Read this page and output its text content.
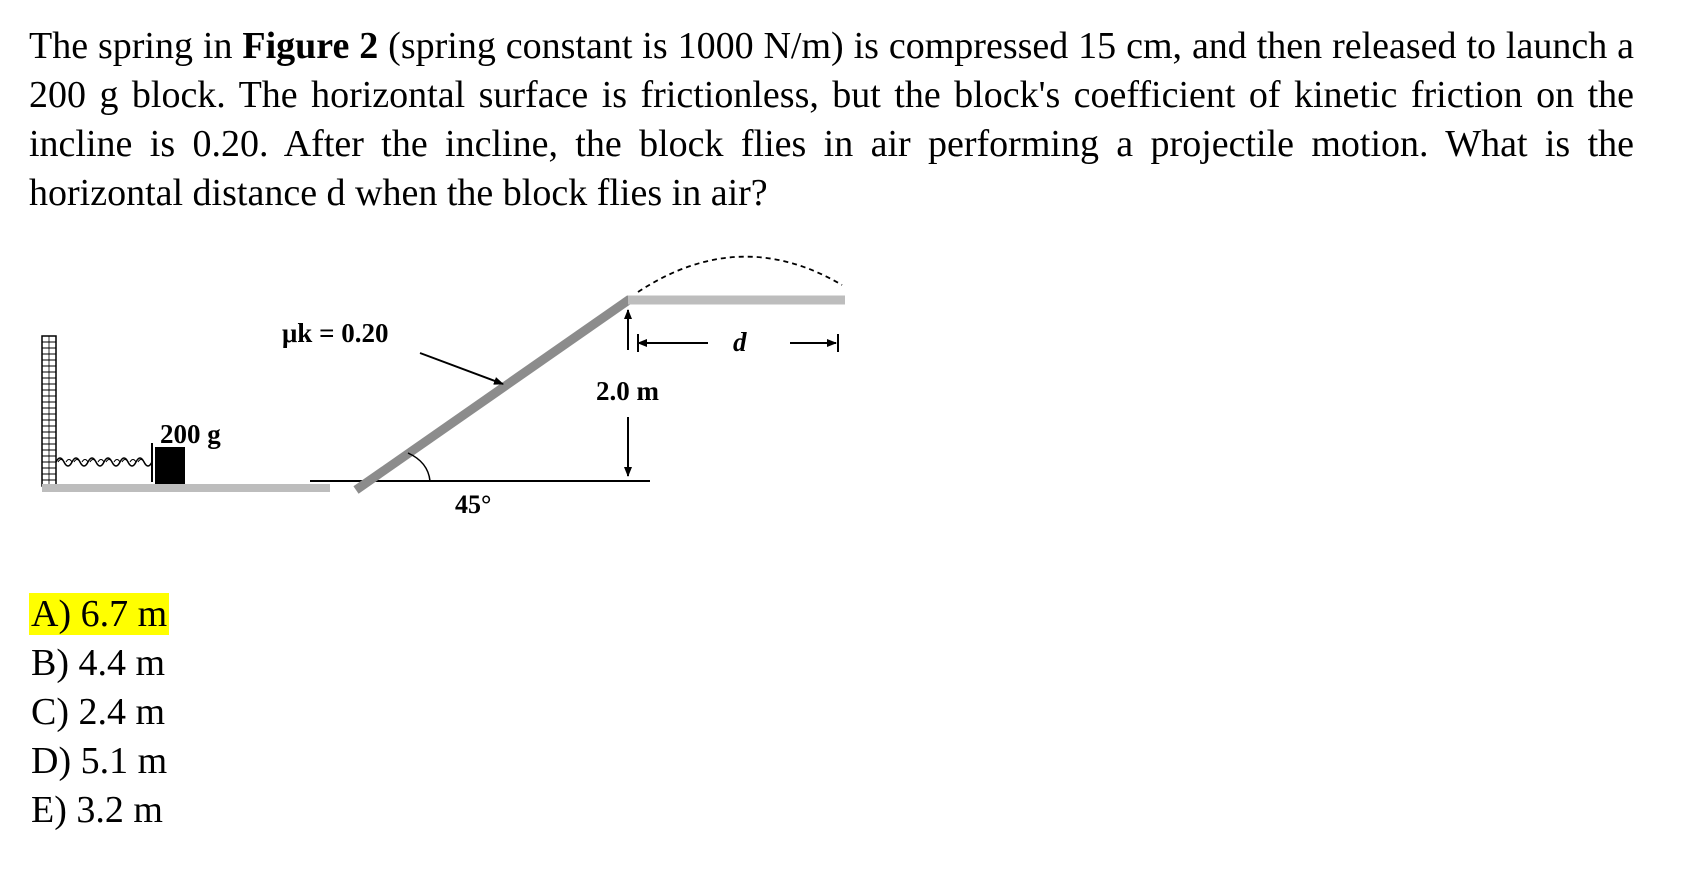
The spring in Figure 2 (spring constant is 1000 N/m) is compressed 15 cm, and then released to launch a 200 g block. The horizontal surface is frictionless, but the block's coefficient of kinetic friction on the incline is 0.20. After the incline, the block flies in air performing a projectile motion. What is the horizontal distance d when the block flies in air?

200 g
45°
μk = 0.20
2.0 m
d
A) 6.7 m
B) 4.4 m
C) 2.4 m
D) 5.1 m
E) 3.2 m
